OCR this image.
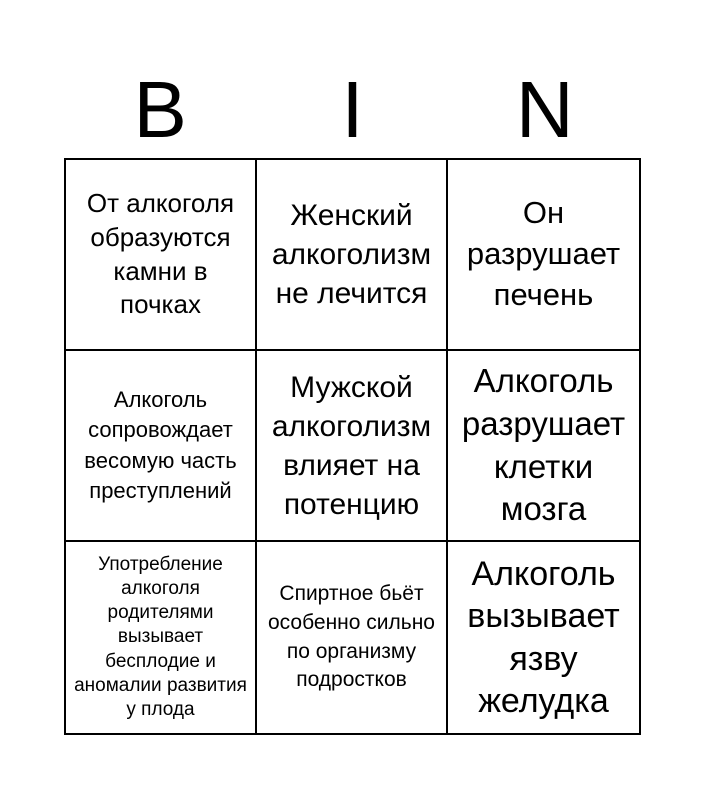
B	I	N
От алкоголя образуются камни в почках
Женский алкоголизм не лечится
Он разрушает печень
Алкоголь сопровождает весомую часть преступлений
Мужской алкоголизм влияет на потенцию
Алкоголь разрушает клетки мозга
Употребление алкоголя родителями вызывает бесплодие и аномалии развития у плода
Спиртное бьёт особенно сильно по организму подростков
Алкоголь вызывает язву желудка
